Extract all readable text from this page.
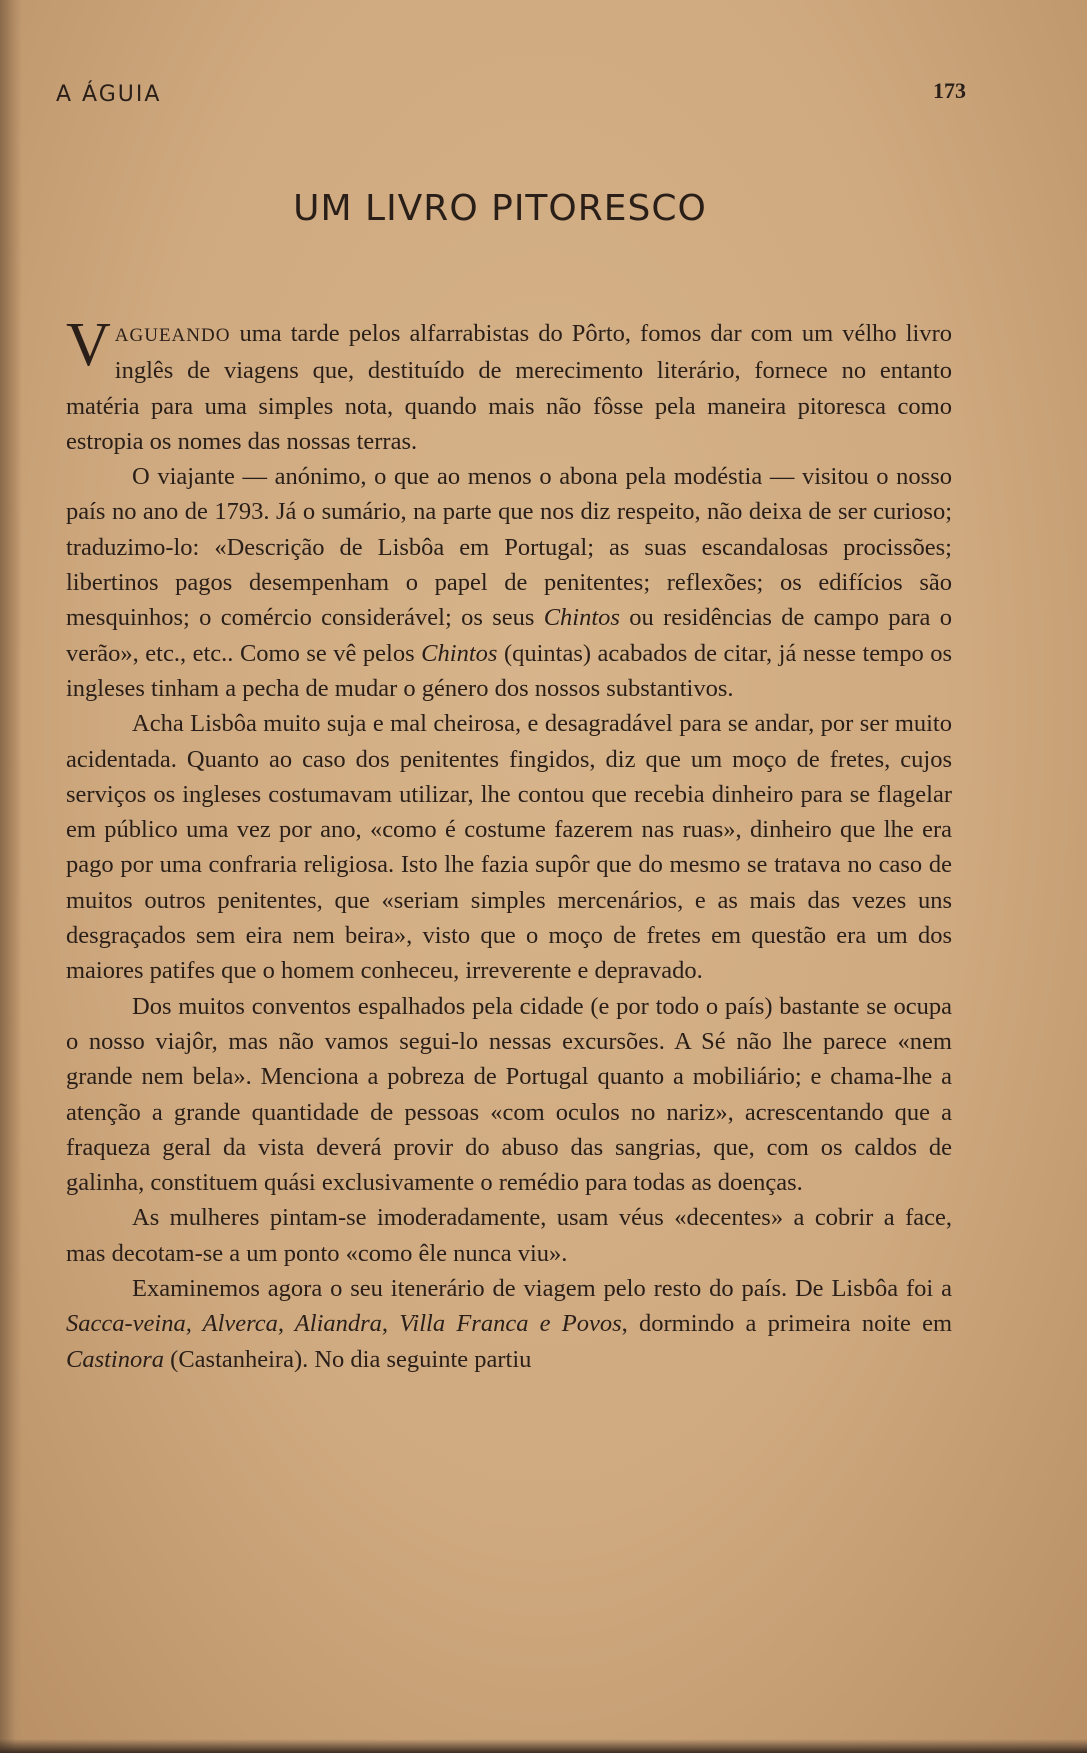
A ÁGUIA	173
UM LIVRO PITORESCO

VAGUEANDO uma tarde pelos alfarrabistas do Pôrto, fomos dar com um vélho livro inglês de viagens que, destituído de merecimento literário, fornece no entanto matéria para uma simples nota, quando mais não fôsse pela maneira pitoresca como estropia os nomes das nossas terras.

O viajante — anónimo, o que ao menos o abona pela modéstia — visitou o nosso país no ano de 1793. Já o sumário, na parte que nos diz respeito, não deixa de ser curioso; traduzimo-lo: «Descrição de Lisbôa em Portugal; as suas escandalosas procissões; libertinos pagos desempenham o papel de penitentes; reflexões; os edifícios são mesquinhos; o comércio considerável; os seus Chintos ou residências de campo para o verão», etc., etc.. Como se vê pelos Chintos (quintas) acabados de citar, já nesse tempo os ingleses tinham a pecha de mudar o género dos nossos substantivos.

Acha Lisbôa muito suja e mal cheirosa, e desagradável para se andar, por ser muito acidentada. Quanto ao caso dos penitentes fingidos, diz que um moço de fretes, cujos serviços os ingleses costumavam utilizar, lhe contou que recebia dinheiro para se flagelar em público uma vez por ano, «como é costume fazerem nas ruas», dinheiro que lhe era pago por uma confraria religiosa. Isto lhe fazia supôr que do mesmo se tratava no caso de muitos outros penitentes, que «seriam simples mercenários, e as mais das vezes uns desgraçados sem eira nem beira», visto que o moço de fretes em questão era um dos maiores patifes que o homem conheceu, irreverente e depravado.

Dos muitos conventos espalhados pela cidade (e por todo o país) bastante se ocupa o nosso viajôr, mas não vamos segui-lo nessas excursões. A Sé não lhe parece «nem grande nem bela». Menciona a pobreza de Portugal quanto a mobiliário; e chama-lhe a atenção a grande quantidade de pessoas «com oculos no nariz», acrescentando que a fraqueza geral da vista deverá provir do abuso das sangrias, que, com os caldos de galinha, constituem quási exclusivamente o remédio para todas as doenças.

As mulheres pintam-se imoderadamente, usam véus «decentes» a cobrir a face, mas decotam-se a um ponto «como êle nunca viu».

Examinemos agora o seu itenerário de viagem pelo resto do país. De Lisbôa foi a Sacca-veina, Alverca, Aliandra, Villa Franca e Povos, dormindo a primeira noite em Castinora (Castanheira). No dia seguinte partiu
